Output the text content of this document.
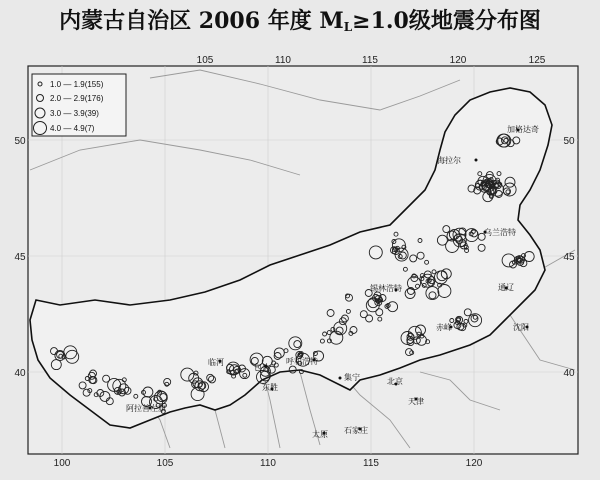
内蒙古自治区 2006 年度 ML≥1.0级地震分布图
100	105	110	115	120
105	110	115	120	125
50
45
40
50
45
40
加格达奇
海拉尔
乌兰浩特
锡林浩特	通辽
赤峰	沈阳
临河
包头
呼和浩特
东胜
集宁
阿拉善左旗
北京
天津
太原 石家庄
1.0 — 1.9(155)
2.0 — 2.9(176)
3.0 — 3.9(39)
4.0 — 4.9(7)
